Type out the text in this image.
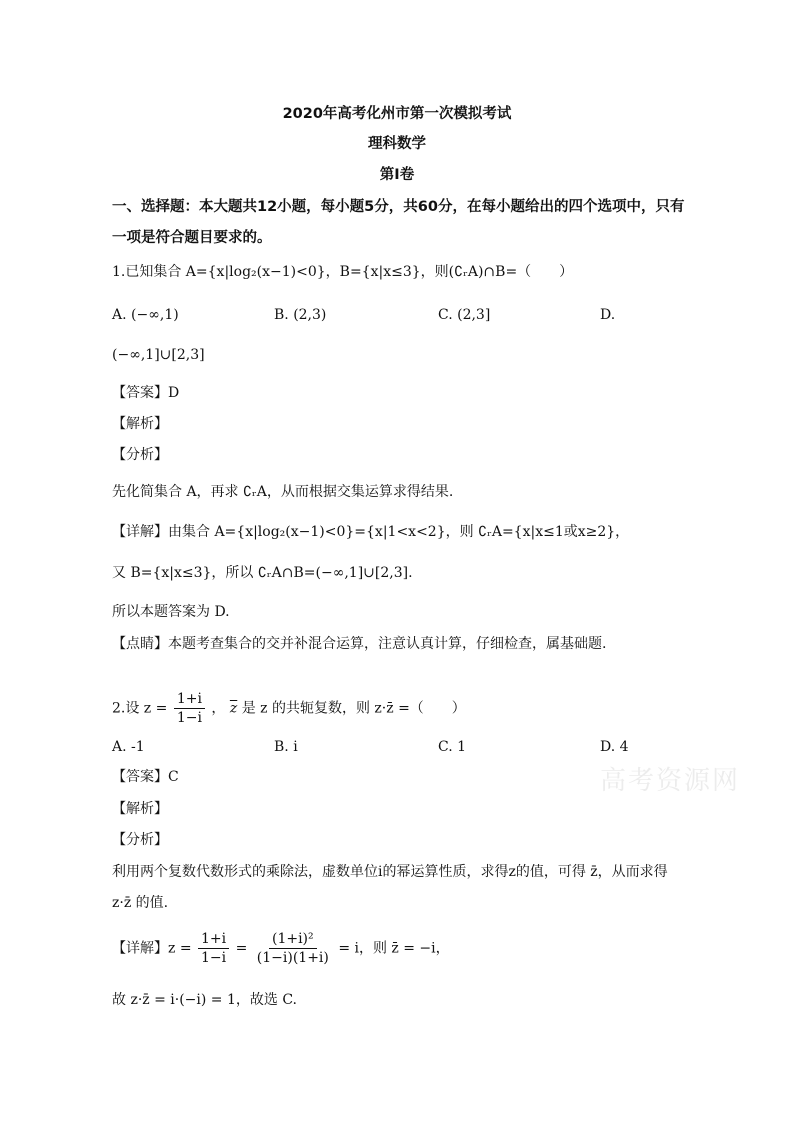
2020年高考化州市第一次模拟考试
理科数学
第Ⅰ卷
一、选择题：本大题共12小题，每小题5分，共60分，在每小题给出的四个选项中，只有
一项是符合题目要求的。
1.已知集合 A={x|log₂(x−1)<0}，B={x|x≤3}，则(∁ᵣA)∩B=（　　）
A. (−∞,1)	B. (2,3)	C. (2,3]	D.
(−∞,1]∪[2,3]
【答案】D
【解析】
【分析】
先化简集合 A，再求 ∁ᵣA，从而根据交集运算求得结果.
【详解】由集合 A={x|log₂(x−1)<0}={x|1<x<2}，则 ∁ᵣA={x|x≤1或x≥2}，
又 B={x|x≤3}，所以 ∁ᵣA∩B=(−∞,1]∪[2,3].
所以本题答案为 D.
【点睛】本题考查集合的交并补混合运算，注意认真计算，仔细检查，属基础题.
2.设 $z = \frac{1+i}{1-i}$ ， $\overline{z}$ 是 z 的共轭复数，则 z·z̄ =（　　）
A. -1	B. i	C. 1	D. 4
高考资源网
【答案】C
【解析】
【分析】
利用两个复数代数形式的乘除法，虚数单位i的幂运算性质，求得z的值，可得 z̄，从而求得
z·z̄ 的值.
【详解】$z = \frac{1+i}{1-i} = \frac{\text{(1+i)²}}{(1-i)(1+i)} = i$，则 z̄ = −i，
故 z·z̄ = i·(−i) = 1，故选 C.
